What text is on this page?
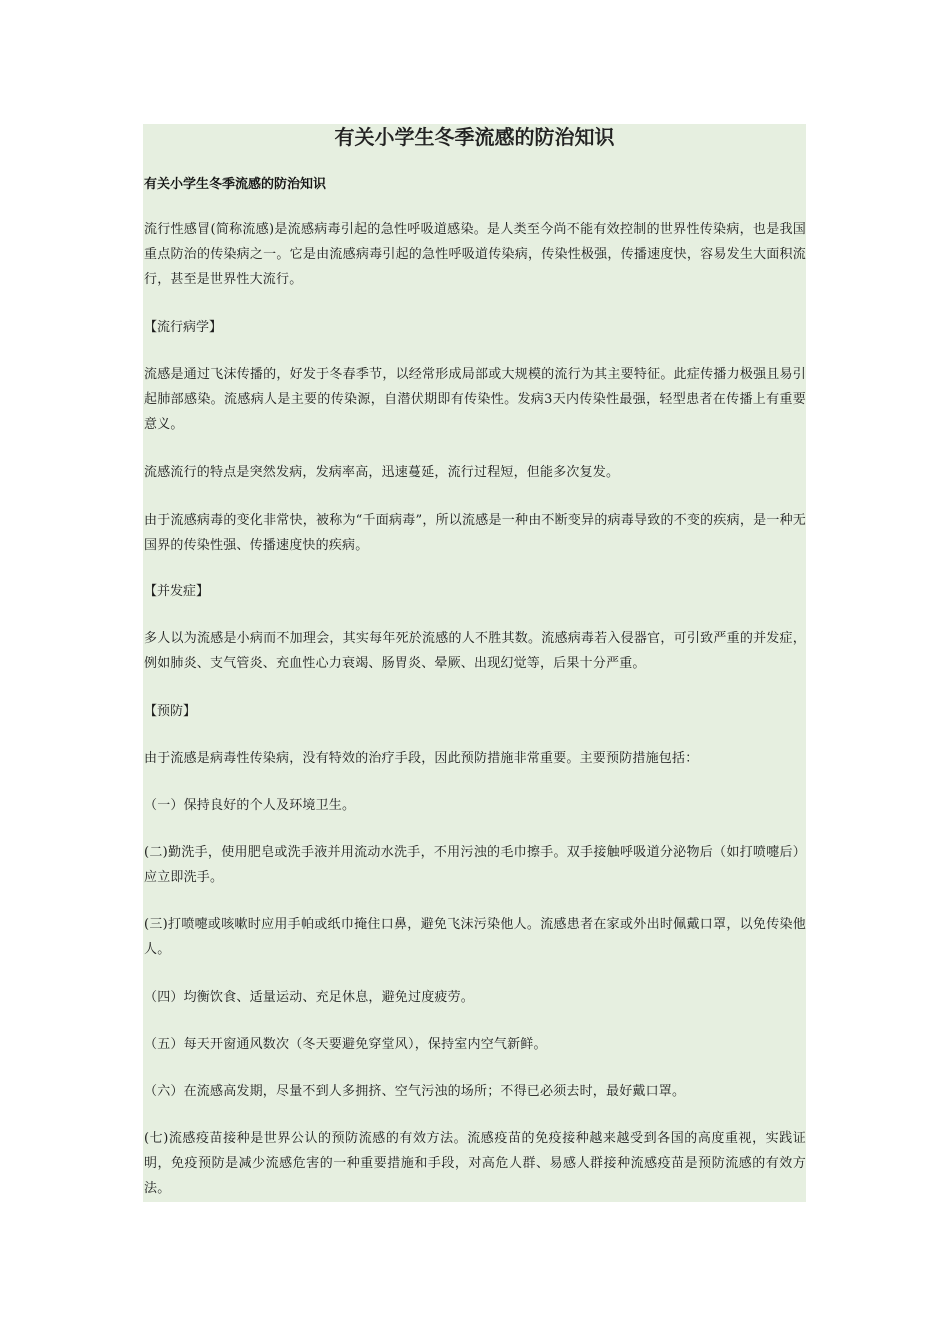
有关小学生冬季流感的防治知识
有关小学生冬季流感的防治知识

流行性感冒(简称流感)是流感病毒引起的急性呼吸道感染。是人类至今尚不能有效控制的世界性传染病，也是我国重点防治的传染病之一。它是由流感病毒引起的急性呼吸道传染病，传染性极强，传播速度快，容易发生大面积流行，甚至是世界性大流行。

【流行病学】

流感是通过飞沫传播的，好发于冬春季节，以经常形成局部或大规模的流行为其主要特征。此症传播力极强且易引起肺部感染。流感病人是主要的传染源，自潜伏期即有传染性。发病3天内传染性最强，轻型患者在传播上有重要意义。

流感流行的特点是突然发病，发病率高，迅速蔓延，流行过程短，但能多次复发。

由于流感病毒的变化非常快，被称为“千面病毒”，所以流感是一种由不断变异的病毒导致的不变的疾病，是一种无国界的传染性强、传播速度快的疾病。

【并发症】

多人以为流感是小病而不加理会，其实每年死於流感的人不胜其数。流感病毒若入侵器官，可引致严重的并发症，例如肺炎、支气管炎、充血性心力衰竭、肠胃炎、晕厥、出现幻觉等，后果十分严重。

【预防】

由于流感是病毒性传染病，没有特效的治疗手段，因此预防措施非常重要。主要预防措施包括：

（一）保持良好的个人及环境卫生。

(二)勤洗手，使用肥皂或洗手液并用流动水洗手，不用污浊的毛巾擦手。双手接触呼吸道分泌物后（如打喷嚏后）应立即洗手。

(三)打喷嚏或咳嗽时应用手帕或纸巾掩住口鼻，避免飞沫污染他人。流感患者在家或外出时佩戴口罩，以免传染他人。

（四）均衡饮食、适量运动、充足休息，避免过度疲劳。

（五）每天开窗通风数次（冬天要避免穿堂风），保持室内空气新鲜。

（六）在流感高发期，尽量不到人多拥挤、空气污浊的场所；不得已必须去时，最好戴口罩。

(七)流感疫苗接种是世界公认的预防流感的有效方法。流感疫苗的免疫接种越来越受到各国的高度重视，实践证明，免疫预防是减少流感危害的一种重要措施和手段，对高危人群、易感人群接种流感疫苗是预防流感的有效方法。
